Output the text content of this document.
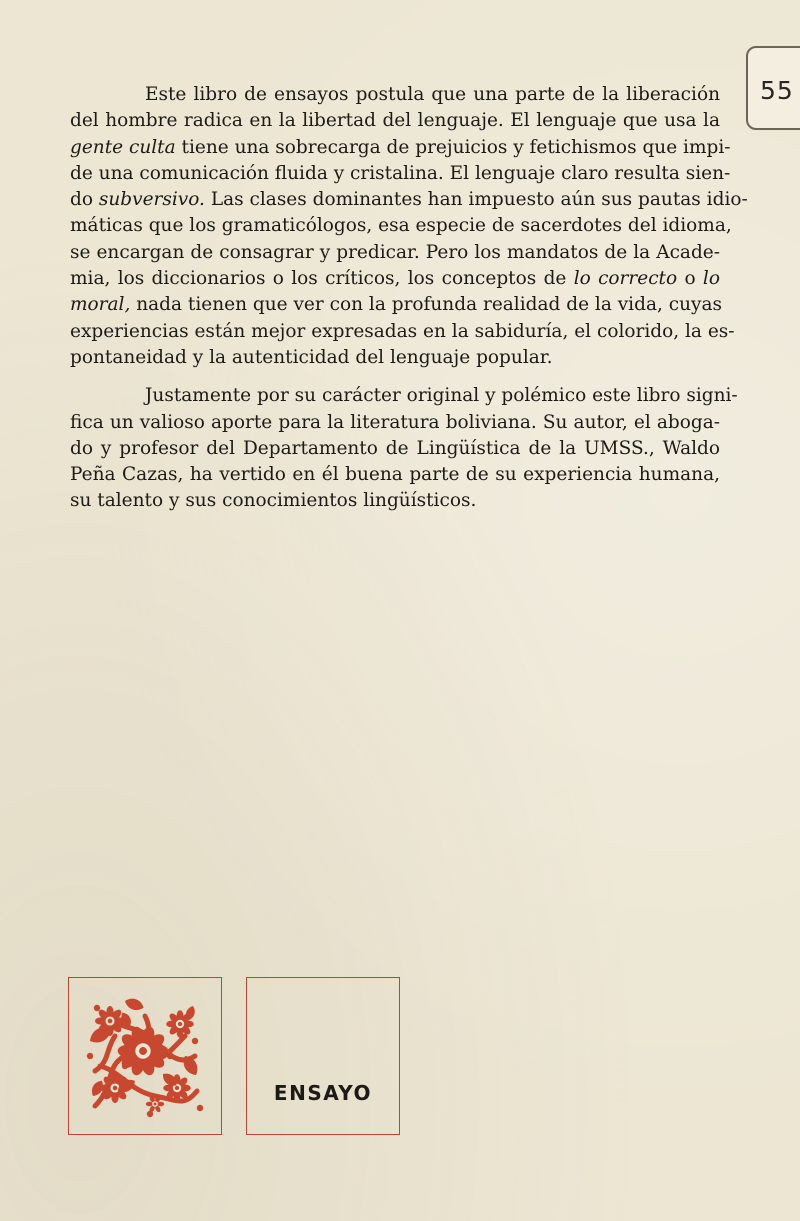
55

Este libro de ensayos postula que una parte de la liberación
del hombre radica en la libertad del lenguaje. El lenguaje que usa la
gente culta tiene una sobrecarga de prejuicios y fetichismos que impi-
de una comunicación fluida y cristalina. El lenguaje claro resulta sien-
do subversivo. Las clases dominantes han impuesto aún sus pautas idio-
máticas que los gramaticólogos, esa especie de sacerdotes del idioma,
se encargan de consagrar y predicar. Pero los mandatos de la Acade-
mia, los diccionarios o los críticos, los conceptos de lo correcto o lo
moral, nada tienen que ver con la profunda realidad de la vida, cuyas
experiencias están mejor expresadas en la sabiduría, el colorido, la es-
pontaneidad y la autenticidad del lenguaje popular.

Justamente por su carácter original y polémico este libro signi-
fica un valioso aporte para la literatura boliviana. Su autor, el aboga-
do y profesor del Departamento de Lingüística de la UMSS., Waldo
Peña Cazas, ha vertido en él buena parte de su experiencia humana,
su talento y sus conocimientos lingüísticos.

ENSAYO
